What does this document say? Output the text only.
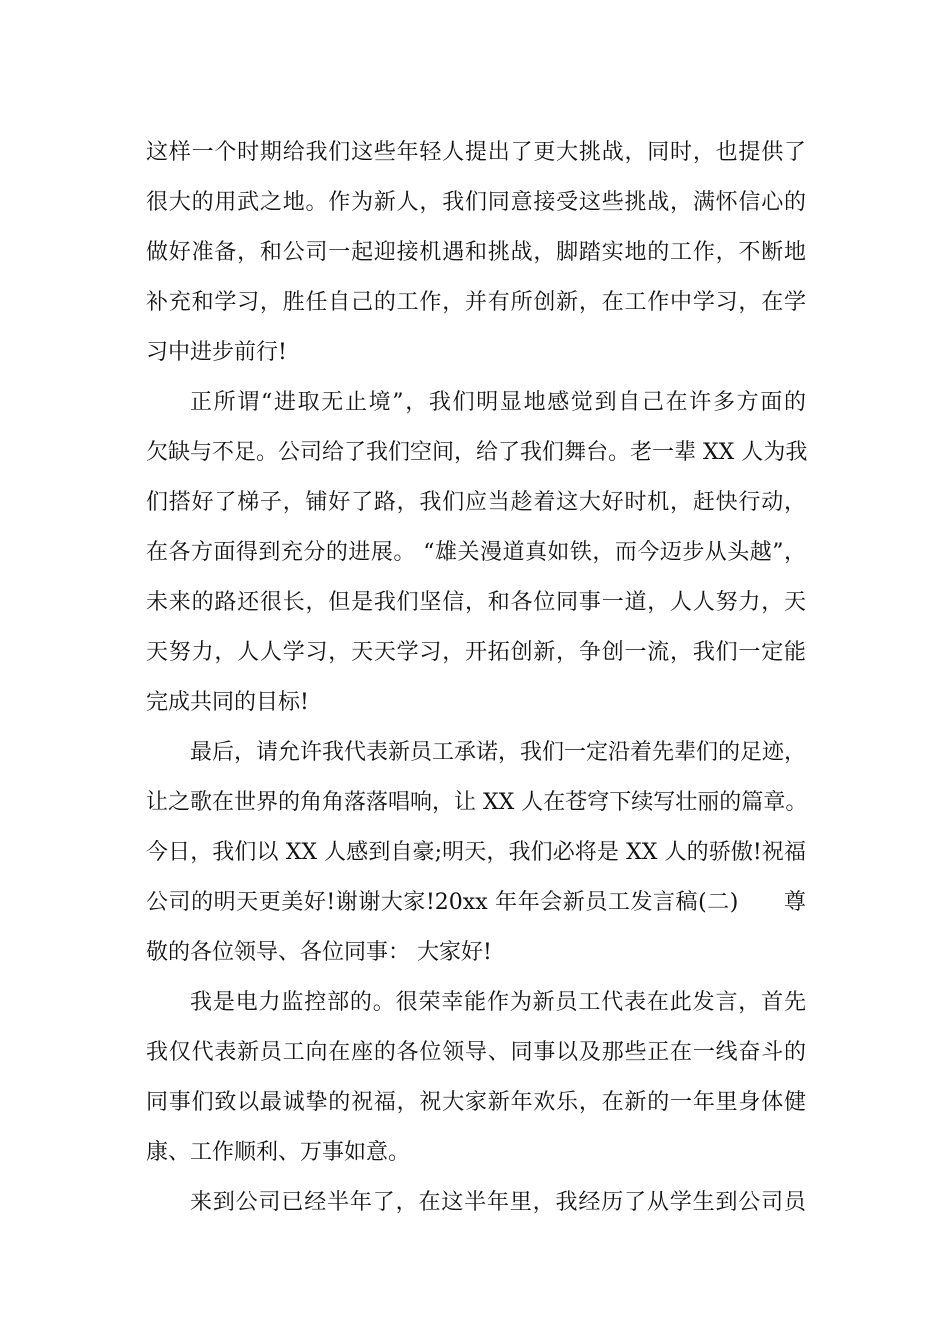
这样一个时期给我们这些年轻人提出了更大挑战，同时，也提供了
很大的用武之地。作为新人，我们同意接受这些挑战，满怀信心的
做好准备，和公司一起迎接机遇和挑战，脚踏实地的工作，不断地
补充和学习，胜任自己的工作，并有所创新，在工作中学习，在学
习中进步前行!
正所谓“进取无止境”，我们明显地感觉到自己在许多方面的
欠缺与不足。公司给了我们空间，给了我们舞台。老一辈 XX 人为我
们搭好了梯子，铺好了路，我们应当趁着这大好时机，赶快行动，
在各方面得到充分的进展。 “雄关漫道真如铁，而今迈步从头越”，
未来的路还很长，但是我们坚信，和各位同事一道，人人努力，天
天努力，人人学习，天天学习，开拓创新，争创一流，我们一定能
完成共同的目标!
最后，请允许我代表新员工承诺，我们一定沿着先辈们的足迹，
让之歌在世界的角角落落唱响，让 XX 人在苍穹下续写壮丽的篇章。
今日，我们以 XX 人感到自豪;明天，我们必将是 XX 人的骄傲!祝福
公司的明天更美好!谢谢大家!20xx 年年会新员工发言稿(二)　　尊
敬的各位领导、各位同事： 大家好!
我是电力监控部的。很荣幸能作为新员工代表在此发言，首先
我仅代表新员工向在座的各位领导、同事以及那些正在一线奋斗的
同事们致以最诚挚的祝福，祝大家新年欢乐，在新的一年里身体健
康、工作顺利、万事如意。
来到公司已经半年了，在这半年里，我经历了从学生到公司员
